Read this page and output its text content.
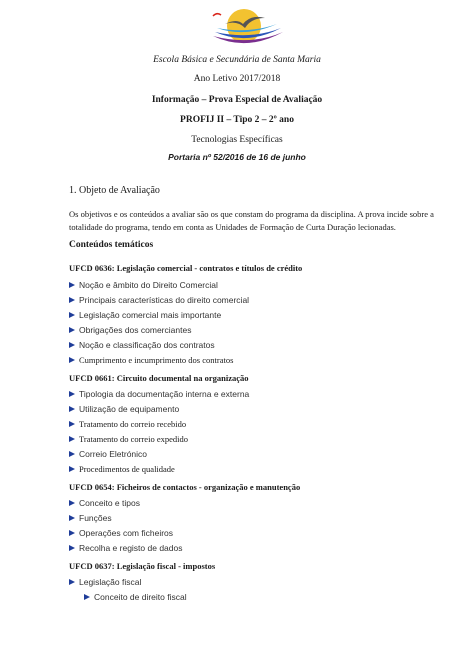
Escola Básica e Secundária de Santa Maria
Ano Letivo 2017/2018
Informação – Prova Especial de Avaliação
PROFIJ II – Tipo 2 – 2º ano
Tecnologias Específicas
Portaria nº 52/2016 de 16 de junho
1. Objeto de Avaliação
Os objetivos e os conteúdos a avaliar são os que constam do programa da disciplina. A prova incide sobre a
totalidade do programa, tendo em conta as Unidades de Formação de Curta Duração lecionadas.
Conteúdos temáticos
UFCD 0636: Legislação comercial - contratos e títulos de crédito
Noção e âmbito do Direito Comercial
Principais características do direito comercial
Legislação comercial mais importante
Obrigações dos comerciantes
Noção e classificação dos contratos
Cumprimento e incumprimento dos contratos
UFCD 0661: Circuito documental na organização
Tipologia da documentação interna e externa
Utilização de equipamento
Tratamento do correio recebido
Tratamento do correio expedido
Correio Eletrónico
Procedimentos de qualidade
UFCD 0654: Ficheiros de contactos - organização e manutenção
Conceito e tipos
Funções
Operações com ficheiros
Recolha e registo de dados
UFCD 0637: Legislação fiscal - impostos
Legislação fiscal
Conceito de direito fiscal
